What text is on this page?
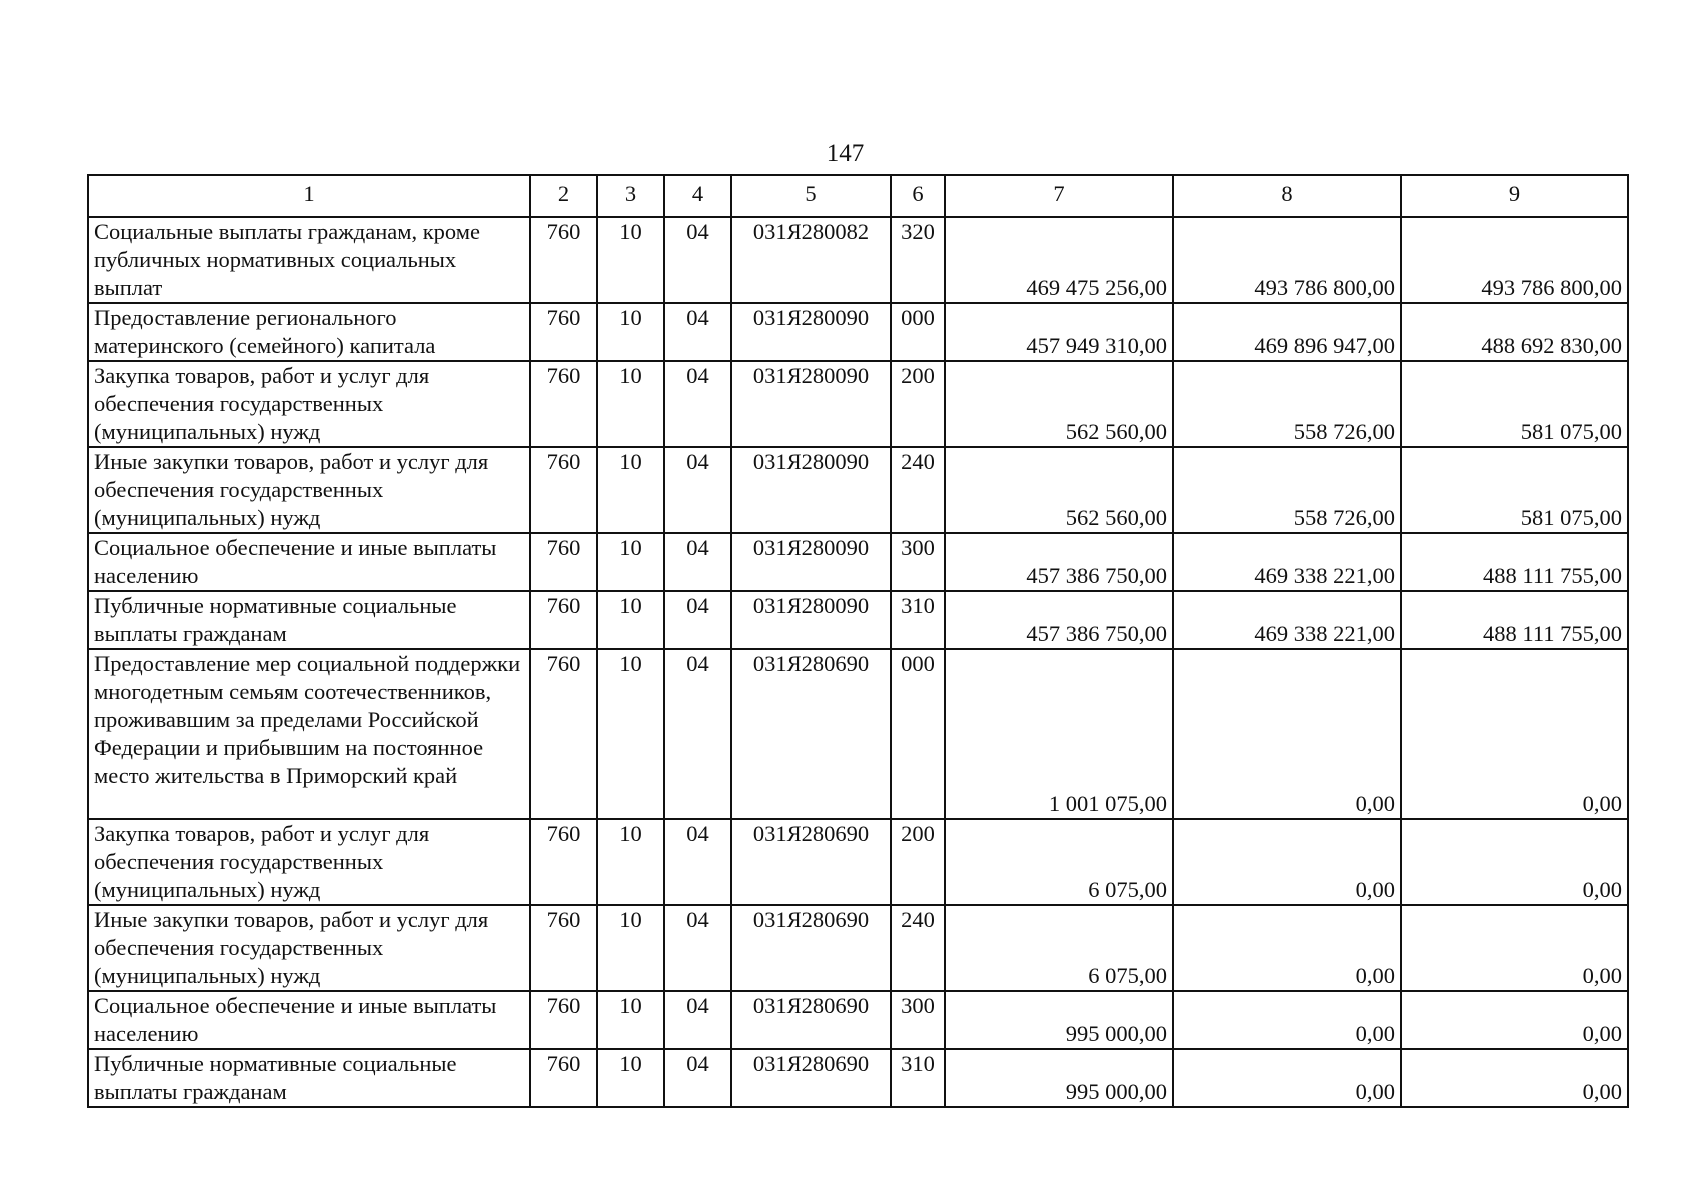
147
1	2	3	4	5	6	7	8	9
Социальные выплаты гражданам, кроме публичных нормативных социальных выплат	760	10	04	031Я280082	320	469 475 256,00	493 786 800,00	493 786 800,00
Предоставление регионального материнского (семейного) капитала	760	10	04	031Я280090	000	457 949 310,00	469 896 947,00	488 692 830,00
Закупка товаров, работ и услуг для обеспечения государственных (муниципальных) нужд	760	10	04	031Я280090	200	562 560,00	558 726,00	581 075,00
Иные закупки товаров, работ и услуг для обеспечения государственных (муниципальных) нужд	760	10	04	031Я280090	240	562 560,00	558 726,00	581 075,00
Социальное обеспечение и иные выплаты населению	760	10	04	031Я280090	300	457 386 750,00	469 338 221,00	488 111 755,00
Публичные нормативные социальные выплаты гражданам	760	10	04	031Я280090	310	457 386 750,00	469 338 221,00	488 111 755,00
Предоставление мер социальной поддержки многодетным семьям соотечественников, проживавшим за пределами Российской Федерации и прибывшим на постоянное место жительства в Приморский край	760	10	04	031Я280690	000	1 001 075,00	0,00	0,00
Закупка товаров, работ и услуг для обеспечения государственных (муниципальных) нужд	760	10	04	031Я280690	200	6 075,00	0,00	0,00
Иные закупки товаров, работ и услуг для обеспечения государственных (муниципальных) нужд	760	10	04	031Я280690	240	6 075,00	0,00	0,00
Социальное обеспечение и иные выплаты населению	760	10	04	031Я280690	300	995 000,00	0,00	0,00
Публичные нормативные социальные выплаты гражданам	760	10	04	031Я280690	310	995 000,00	0,00	0,00
